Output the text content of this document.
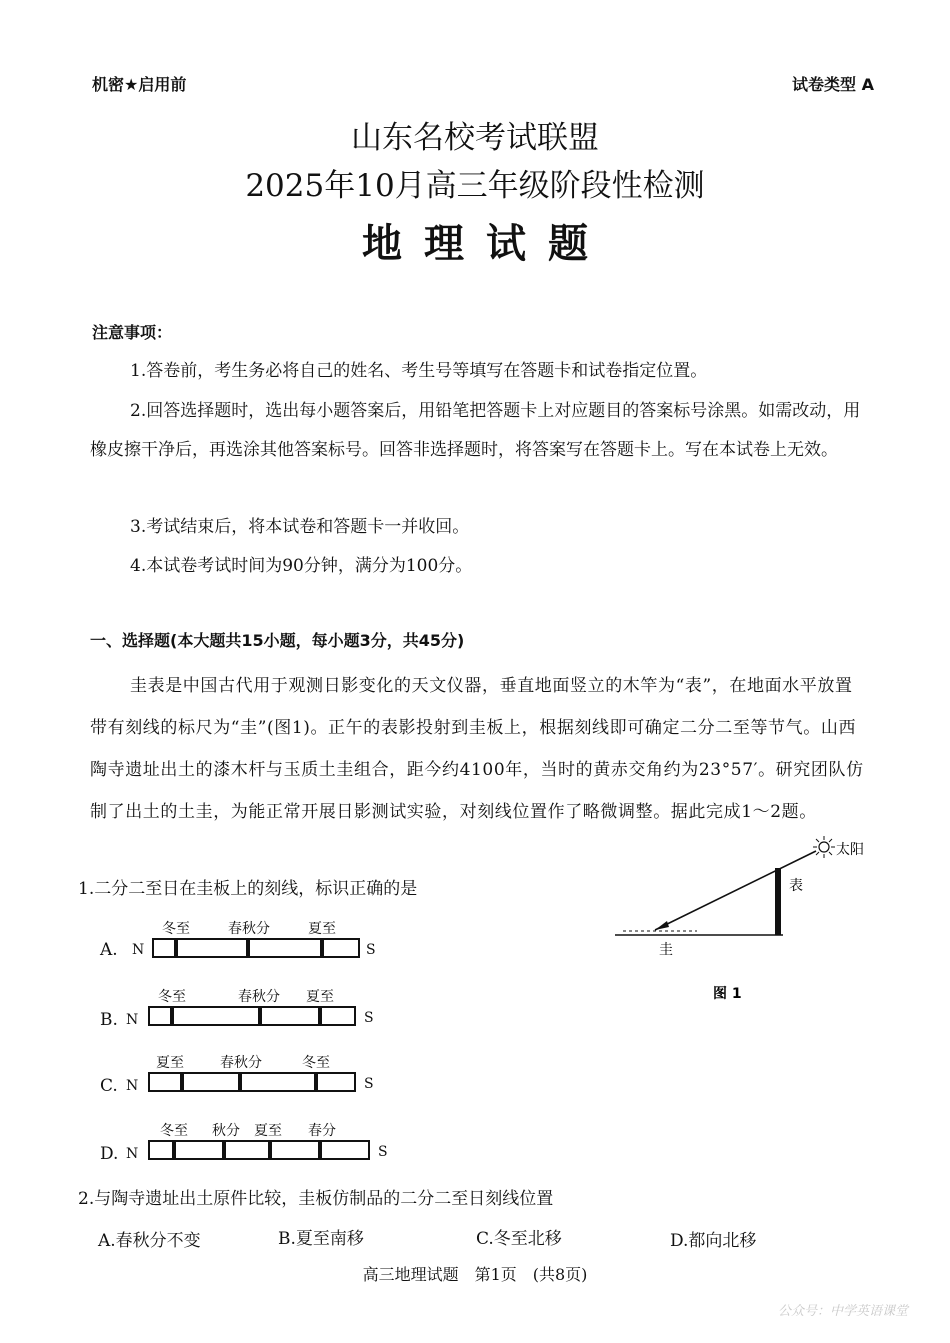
机密★启用前	试卷类型 A
山东名校考试联盟
2025年10月高三年级阶段性检测
地理试题
注意事项：
1.答卷前，考生务必将自己的姓名、考生号等填写在答题卡和试卷指定位置。
2.回答选择题时，选出每小题答案后，用铅笔把答题卡上对应题目的答案标号涂黑。如需改动，用橡皮擦干净后，再选涂其他答案标号。回答非选择题时，将答案写在答题卡上。写在本试卷上无效。
3.考试结束后，将本试卷和答题卡一并收回。
4.本试卷考试时间为90分钟，满分为100分。
一、选择题(本大题共15小题，每小题3分，共45分)
圭表是中国古代用于观测日影变化的天文仪器，垂直地面竖立的木竿为“表”，在地面水平放置带有刻线的标尺为“圭”(图1)。正午的表影投射到圭板上，根据刻线即可确定二分二至等节气。山西陶寺遗址出土的漆木杆与玉质土圭组合，距今约4100年，当时的黄赤交角约为23°57′。研究团队仿制了出土的土圭，为能正常开展日影测试实验，对刻线位置作了略微调整。据此完成1～2题。
太阳
表
圭
图 1
1.二分二至日在圭板上的刻线，标识正确的是
A. N
冬至	春秋分	夏至
S
B. N
冬至	春秋分 夏至
S
C. N
夏至	春秋分	冬至
S
D. N
冬至 秋分 夏至 春分
S
2.与陶寺遗址出土原件比较，圭板仿制品的二分二至日刻线位置
A.春秋分不变	B.夏至南移	C.冬至北移	D.都向北移
高三地理试题　第1页　(共8页)
公众号：中学英语课堂
